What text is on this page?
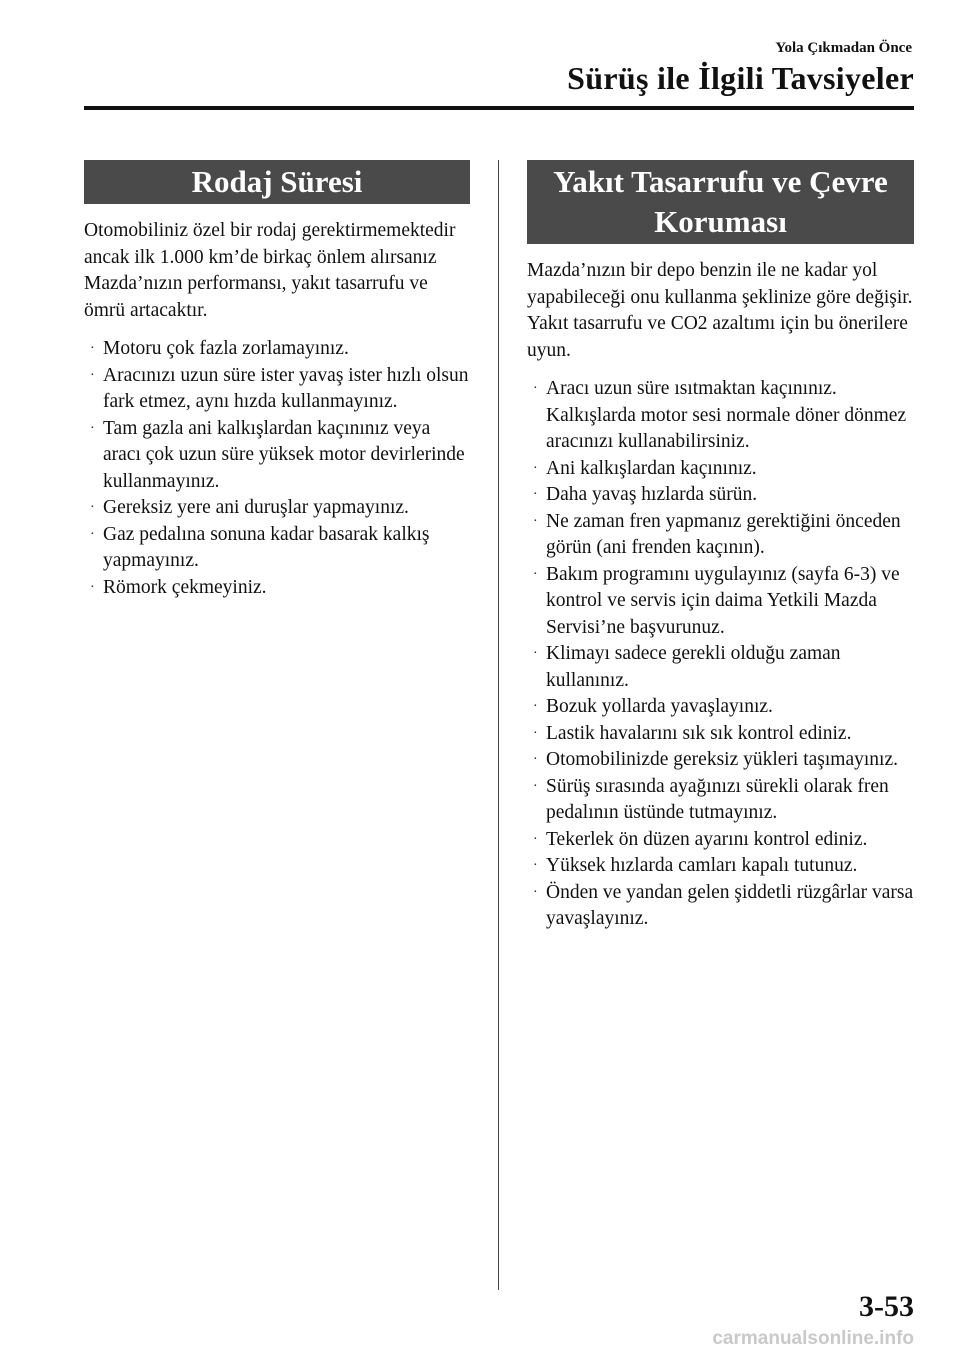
Yola Çıkmadan Önce
Sürüş ile İlgili Tavsiyeler
Rodaj Süresi

Otomobiliniz özel bir rodaj gerektirmemektedir ancak ilk 1.000 km’de birkaç önlem alırsanız Mazda’nızın performansı, yakıt tasarrufu ve ömrü artacaktır.

· Motoru çok fazla zorlamayınız.
· Aracınızı uzun süre ister yavaş ister hızlı olsun fark etmez, aynı hızda kullanmayınız.
· Tam gazla ani kalkışlardan kaçınınız veya aracı çok uzun süre yüksek motor devirlerinde kullanmayınız.
· Gereksiz yere ani duruşlar yapmayınız.
· Gaz pedalına sonuna kadar basarak kalkış yapmayınız.
· Römork çekmeyiniz.
Yakıt Tasarrufu ve Çevre
Koruması

Mazda’nızın bir depo benzin ile ne kadar yol yapabileceği onu kullanma şeklinize göre değişir. Yakıt tasarrufu ve CO2 azaltımı için bu önerilere uyun.

· Aracı uzun süre ısıtmaktan kaçınınız. Kalkışlarda motor sesi normale döner dönmez aracınızı kullanabilirsiniz.
· Ani kalkışlardan kaçınınız.
· Daha yavaş hızlarda sürün.
· Ne zaman fren yapmanız gerektiğini önceden görün (ani frenden kaçının).
· Bakım programını uygulayınız (sayfa 6-3) ve kontrol ve servis için daima Yetkili Mazda Servisi’ne başvurunuz.
· Klimayı sadece gerekli olduğu zaman kullanınız.
· Bozuk yollarda yavaşlayınız.
· Lastik havalarını sık sık kontrol ediniz.
· Otomobilinizde gereksiz yükleri taşımayınız.
· Sürüş sırasında ayağınızı sürekli olarak fren pedalının üstünde tutmayınız.
· Tekerlek ön düzen ayarını kontrol ediniz.
· Yüksek hızlarda camları kapalı tutunuz.
· Önden ve yandan gelen şiddetli rüzgârlar varsa yavaşlayınız.
3-53
carmanualsonline.info
